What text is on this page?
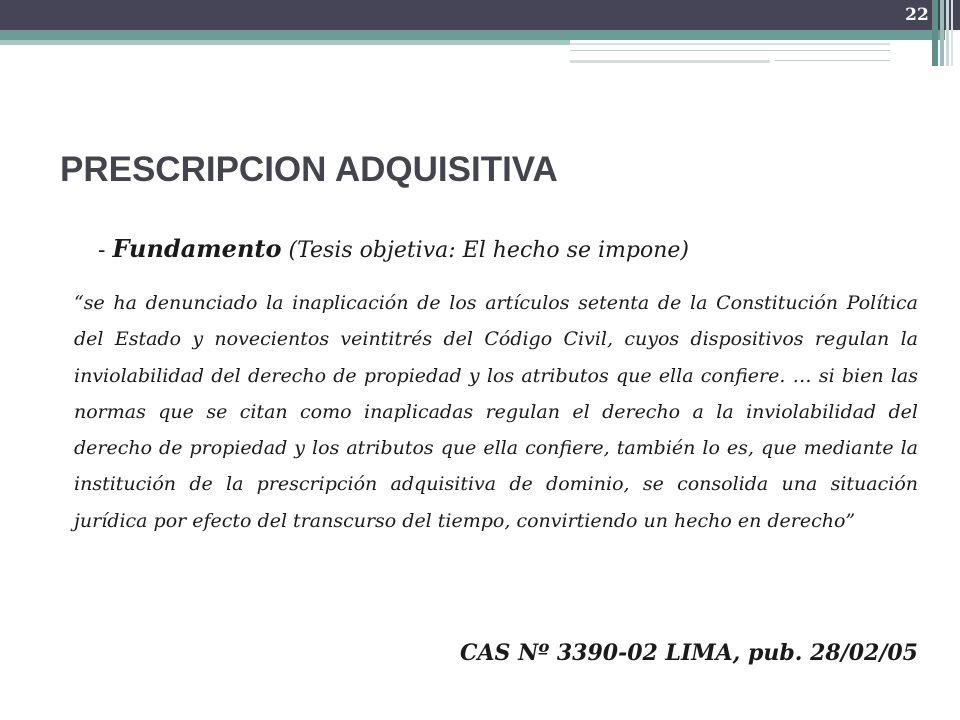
22
PRESCRIPCION ADQUISITIVA
- Fundamento (Tesis objetiva: El hecho se impone)

“se ha denunciado la inaplicación de los artículos setenta de la Constitución Política del Estado y novecientos veintitrés del Código Civil, cuyos dispositivos regulan la inviolabilidad del derecho de propiedad y los atributos que ella confiere. … si bien las normas que se citan como inaplicadas regulan el derecho a la inviolabilidad del derecho de propiedad y los atributos que ella confiere, también lo es, que mediante la institución de la prescripción adquisitiva de dominio, se consolida una situación jurídica por efecto del transcurso del tiempo, convirtiendo un hecho en derecho”

CAS Nº 3390-02 LIMA, pub. 28/02/05
